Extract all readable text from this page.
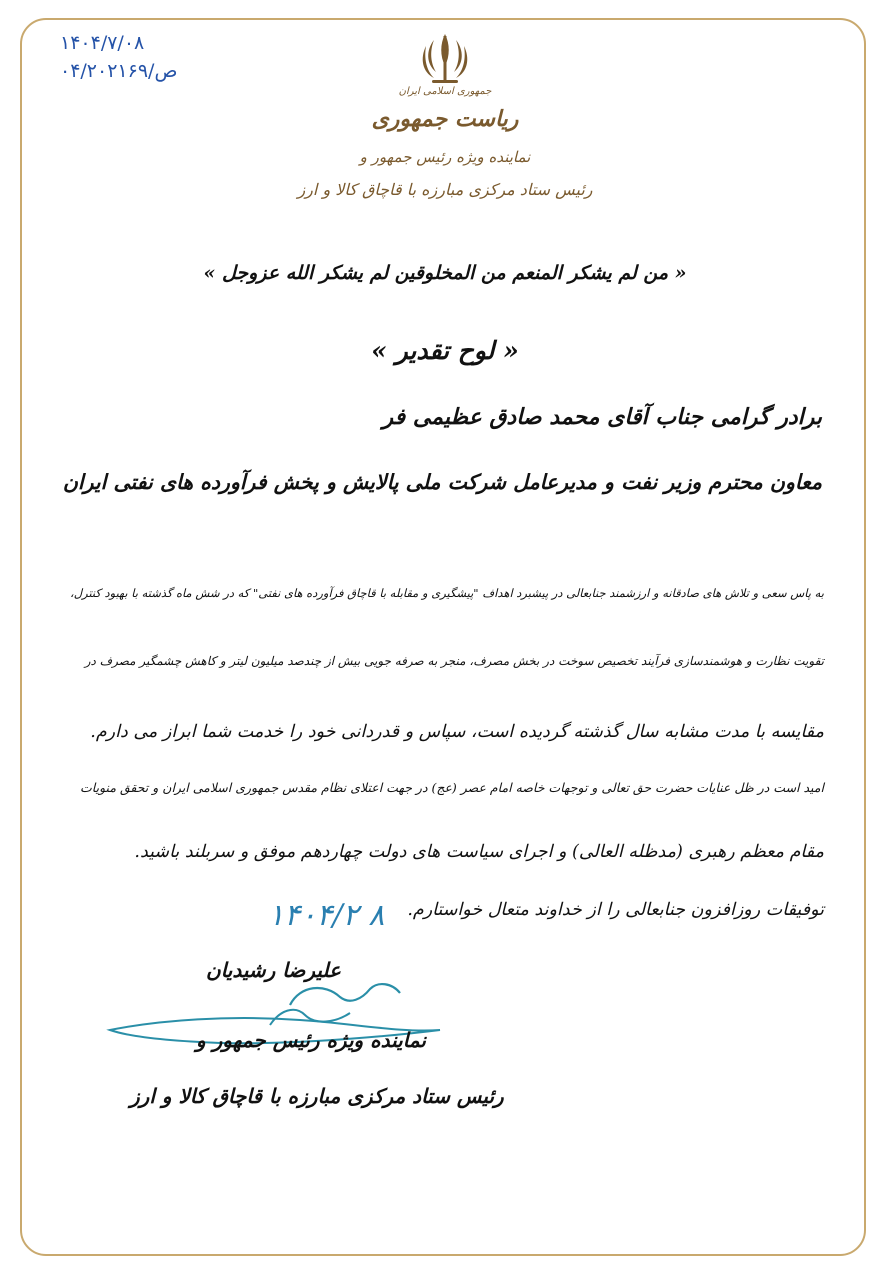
۱۴۰۴/۷/۰۸
ص/۰۴/۲۰۲۱۶۹
جمهوری اسلامی ایران
ریاست جمهوری
نماینده ویژه رئیس جمهور و
رئیس ستاد مرکزی مبارزه با قاچاق کالا و ارز
« من لم یشکر المنعم من المخلوقین لم یشکر الله عزوجل »
« لوح تقدیر »
برادر گرامی جناب آقای محمد صادق عظیمی فر
معاون محترم وزیر نفت و مدیرعامل شرکت ملی پالایش و پخش فرآورده های نفتی ایران
به پاس سعی و تلاش های صادقانه و ارزشمند جنابعالی در پیشبرد اهداف "پیشگیری و مقابله با قاچاق فرآورده های نفتی" که در شش ماه گذشته با بهبود کنترل،
تقویت نظارت و هوشمندسازی فرآیند تخصیص سوخت در بخش مصرف، منجر به صرفه جویی بیش از چندصد میلیون لیتر و کاهش چشمگیر مصرف در
مقایسه با مدت مشابه سال گذشته گردیده است، سپاس و قدردانی خود را خدمت شما ابراز می دارم.
امید است در ظل عنایات حضرت حق تعالی و توجهات خاصه امام عصر (عج) در جهت اعتلای نظام مقدس جمهوری اسلامی ایران و تحقق منویات
مقام معظم رهبری (مدظله العالی) و اجرای سیاست های دولت چهاردهم موفق و سربلند باشید.
توفیقات روزافزون جنابعالی را از خداوند متعال خواستارم.
۱۴۰۴/۲ ۸
علیرضا رشیدیان
نماینده ویژه رئیس جمهور و
رئیس ستاد مرکزی مبارزه با قاچاق کالا و ارز
